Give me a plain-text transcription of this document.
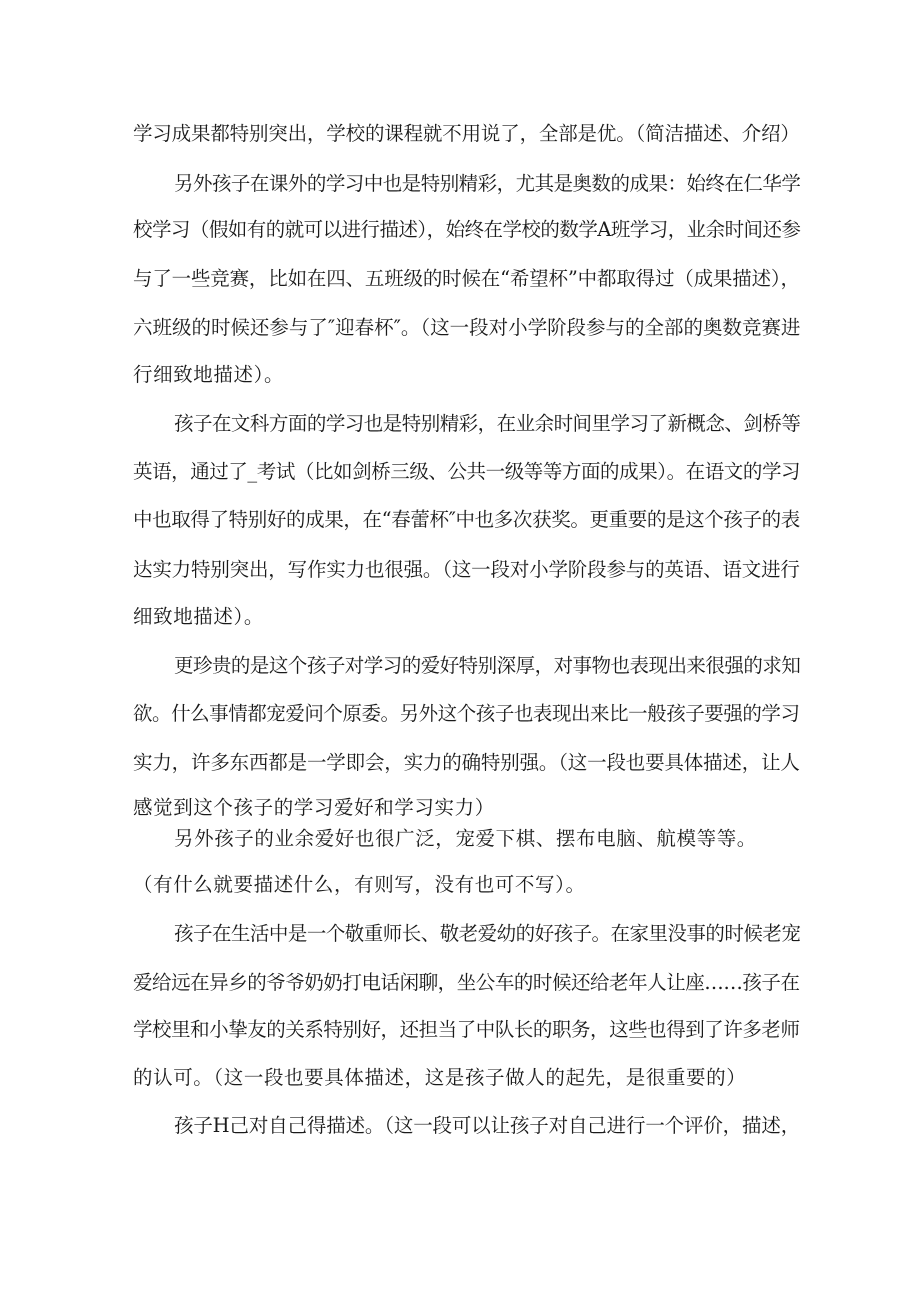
学习成果都特别突出，学校的课程就不用说了，全部是优。（简洁描述、介绍）
另外孩子在课外的学习中也是特别精彩，尤其是奥数的成果：始终在仁华学
校学习（假如有的就可以进行描述），始终在学校的数学A班学习，业余时间还参
与了一些竞赛，比如在四、五班级的时候在“希望杯”中都取得过（成果描述），
六班级的时候还参与了″迎春杯″。（这一段对小学阶段参与的全部的奥数竞赛进
行细致地描述）。
孩子在文科方面的学习也是特别精彩，在业余时间里学习了新概念、剑桥等
英语，通过了_考试（比如剑桥三级、公共一级等等方面的成果）。在语文的学习
中也取得了特别好的成果，在“春蕾杯″中也多次获奖。更重要的是这个孩子的表
达实力特别突出，写作实力也很强。（这一段对小学阶段参与的英语、语文进行
细致地描述）。
更珍贵的是这个孩子对学习的爱好特别深厚，对事物也表现出来很强的求知
欲。什么事情都宠爱问个原委。另外这个孩子也表现出来比一般孩子要强的学习
实力，许多东西都是一学即会，实力的确特别强。（这一段也要具体描述，让人
感觉到这个孩子的学习爱好和学习实力）
另外孩子的业余爱好也很广泛，宠爱下棋、摆布电脑、航模等等。
（有什么就要描述什么，有则写，没有也可不写）。
孩子在生活中是一个敬重师长、敬老爱幼的好孩子。在家里没事的时候老宠
爱给远在异乡的爷爷奶奶打电话闲聊，坐公车的时候还给老年人让座……孩子在
学校里和小挚友的关系特别好，还担当了中队长的职务，这些也得到了许多老师
的认可。（这一段也要具体描述，这是孩子做人的起先，是很重要的）
孩子H己对自己得描述。（这一段可以让孩子对自己进行一个评价，描述，
